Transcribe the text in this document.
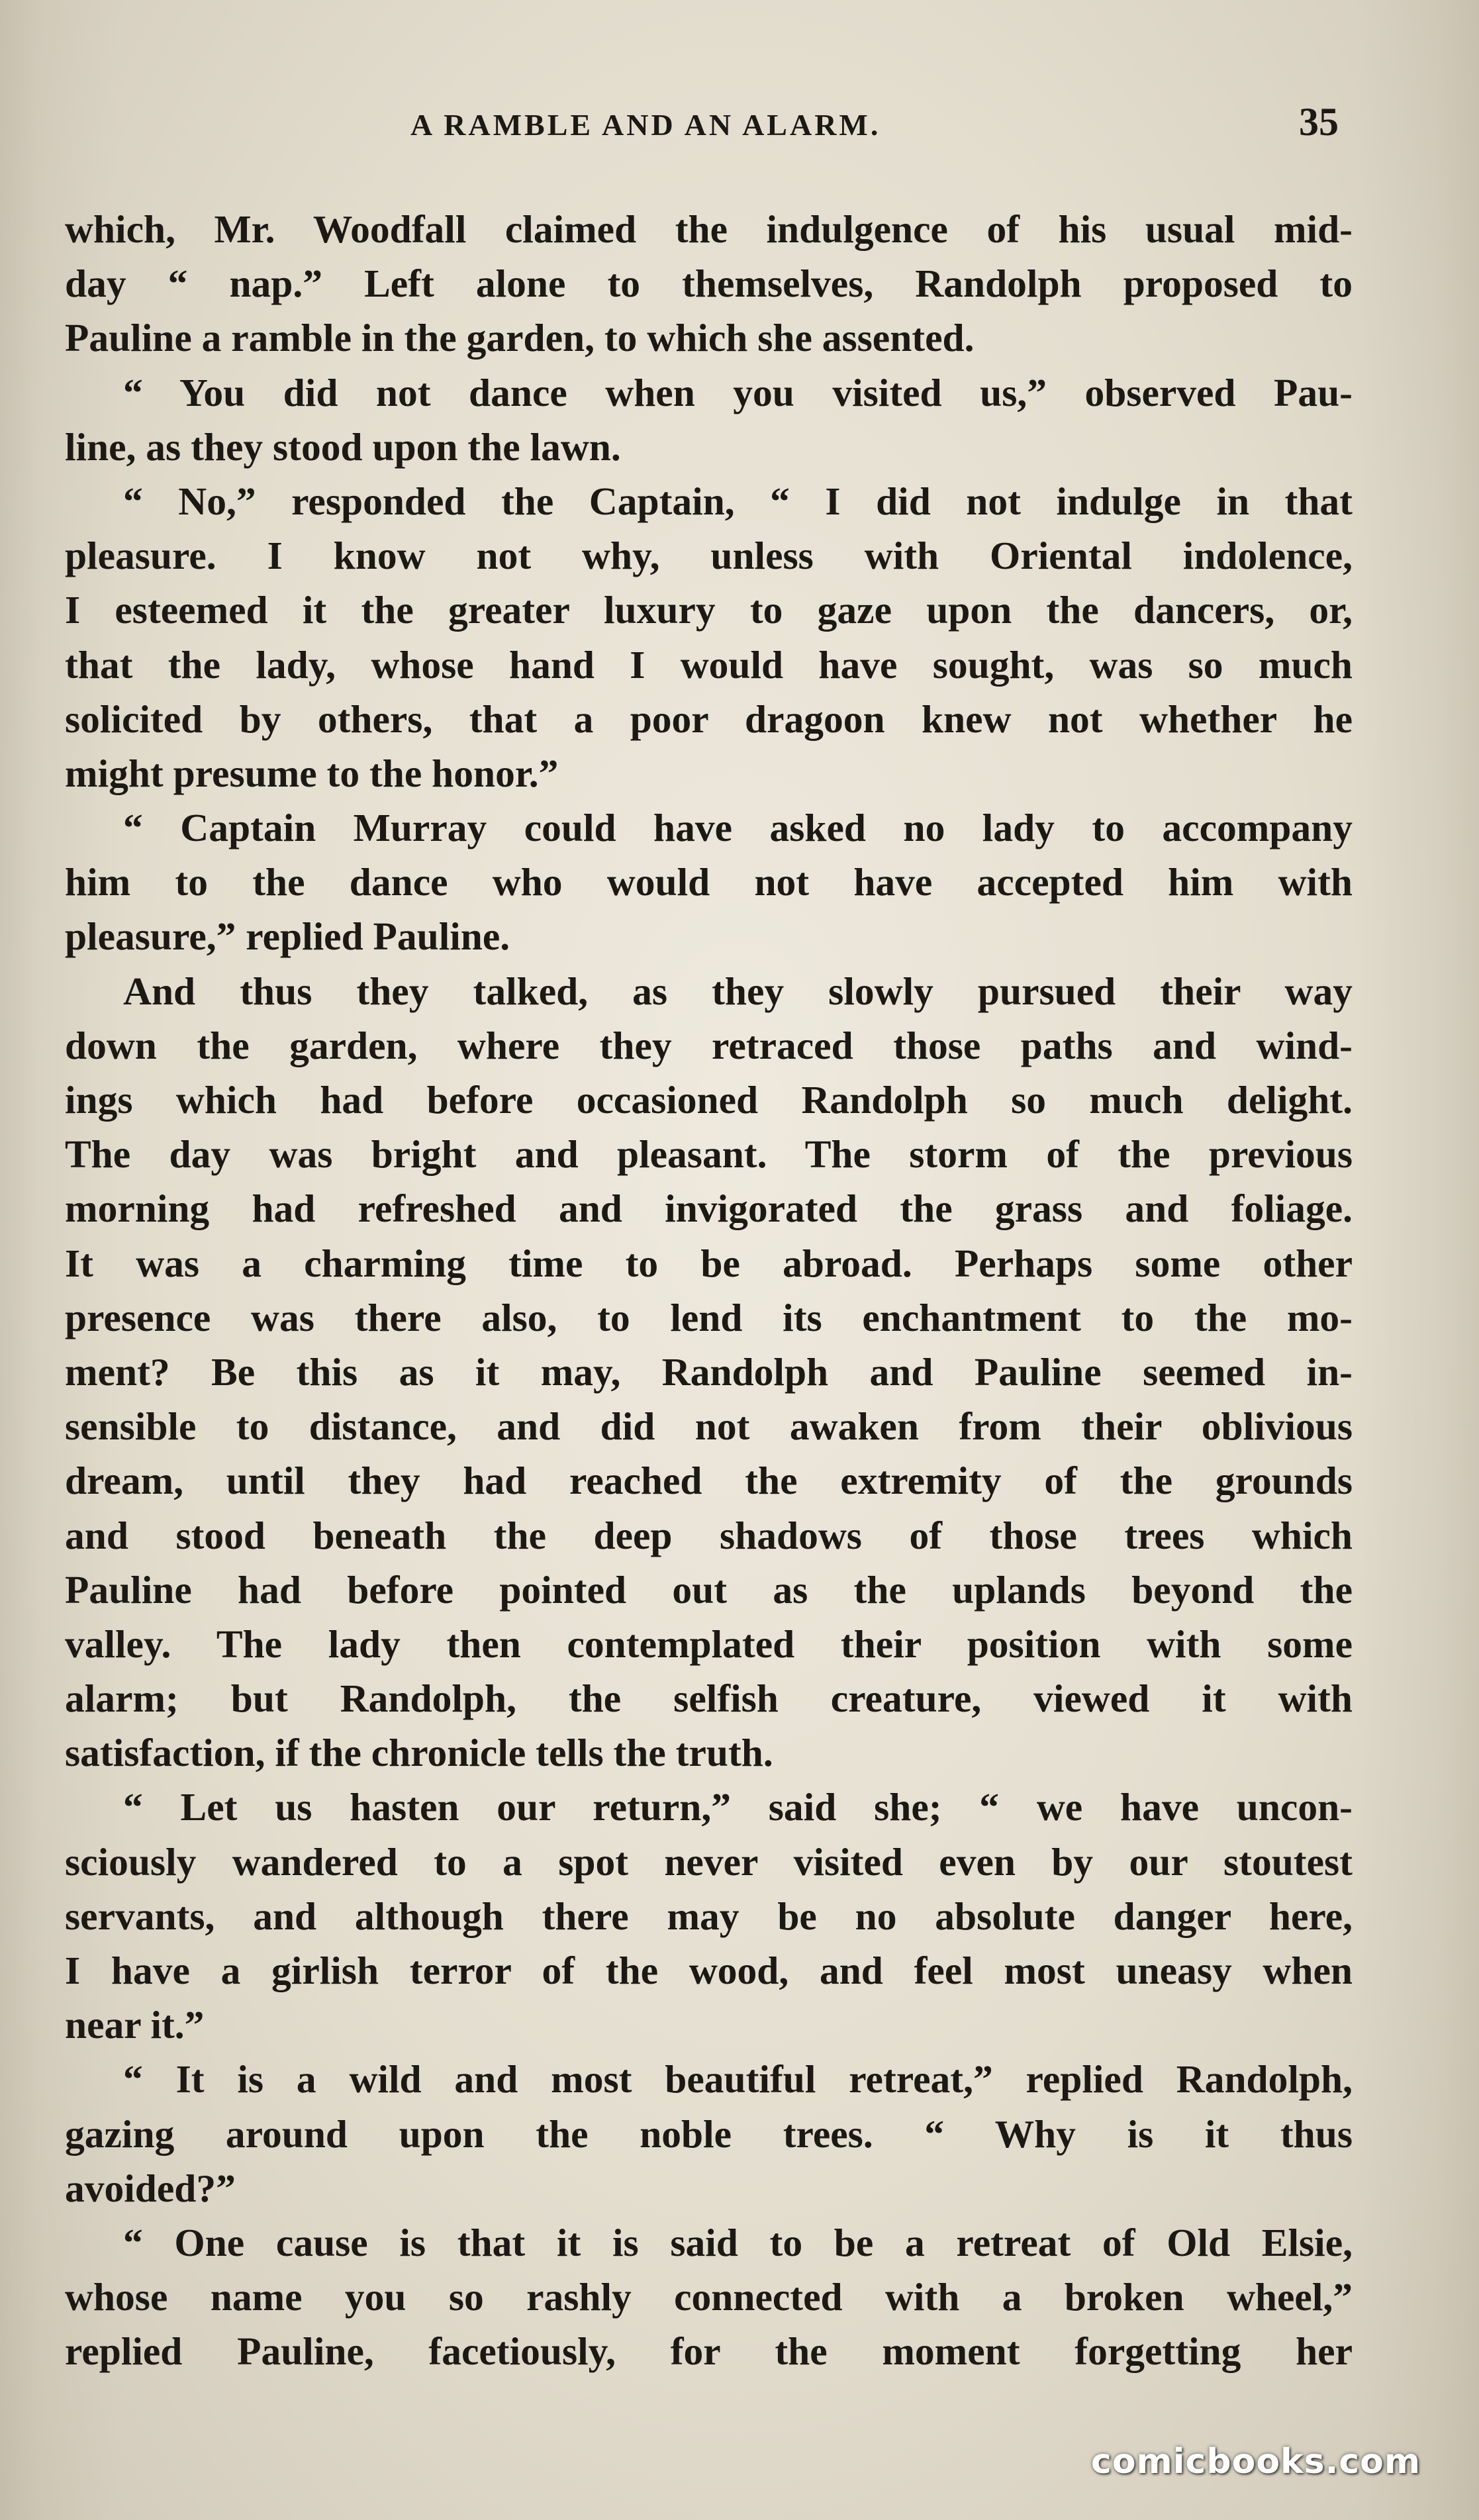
A RAMBLE AND AN ALARM.	35
which, Mr. Woodfall claimed the indulgence of his usual mid-
day “ nap.” Left alone to themselves, Randolph proposed to
Pauline a ramble in the garden, to which she assented.
“ You did not dance when you visited us,” observed Pau-
line, as they stood upon the lawn.
“ No,” responded the Captain, “ I did not indulge in that
pleasure. I know not why, unless with Oriental indolence,
I esteemed it the greater luxury to gaze upon the dancers, or,
that the lady, whose hand I would have sought, was so much
solicited by others, that a poor dragoon knew not whether he
might presume to the honor.”
“ Captain Murray could have asked no lady to accompany
him to the dance who would not have accepted him with
pleasure,” replied Pauline.
And thus they talked, as they slowly pursued their way
down the garden, where they retraced those paths and wind-
ings which had before occasioned Randolph so much delight.
The day was bright and pleasant. The storm of the previous
morning had refreshed and invigorated the grass and foliage.
It was a charming time to be abroad. Perhaps some other
presence was there also, to lend its enchantment to the mo-
ment? Be this as it may, Randolph and Pauline seemed in-
sensible to distance, and did not awaken from their oblivious
dream, until they had reached the extremity of the grounds
and stood beneath the deep shadows of those trees which
Pauline had before pointed out as the uplands beyond the
valley. The lady then contemplated their position with some
alarm; but Randolph, the selfish creature, viewed it with
satisfaction, if the chronicle tells the truth.
“ Let us hasten our return,” said she; “ we have uncon-
sciously wandered to a spot never visited even by our stoutest
servants, and although there may be no absolute danger here,
I have a girlish terror of the wood, and feel most uneasy when
near it.”
“ It is a wild and most beautiful retreat,” replied Randolph,
gazing around upon the noble trees. “ Why is it thus
avoided?”
“ One cause is that it is said to be a retreat of Old Elsie,
whose name you so rashly connected with a broken wheel,”
replied Pauline, facetiously, for the moment forgetting her
comicbooks.com
